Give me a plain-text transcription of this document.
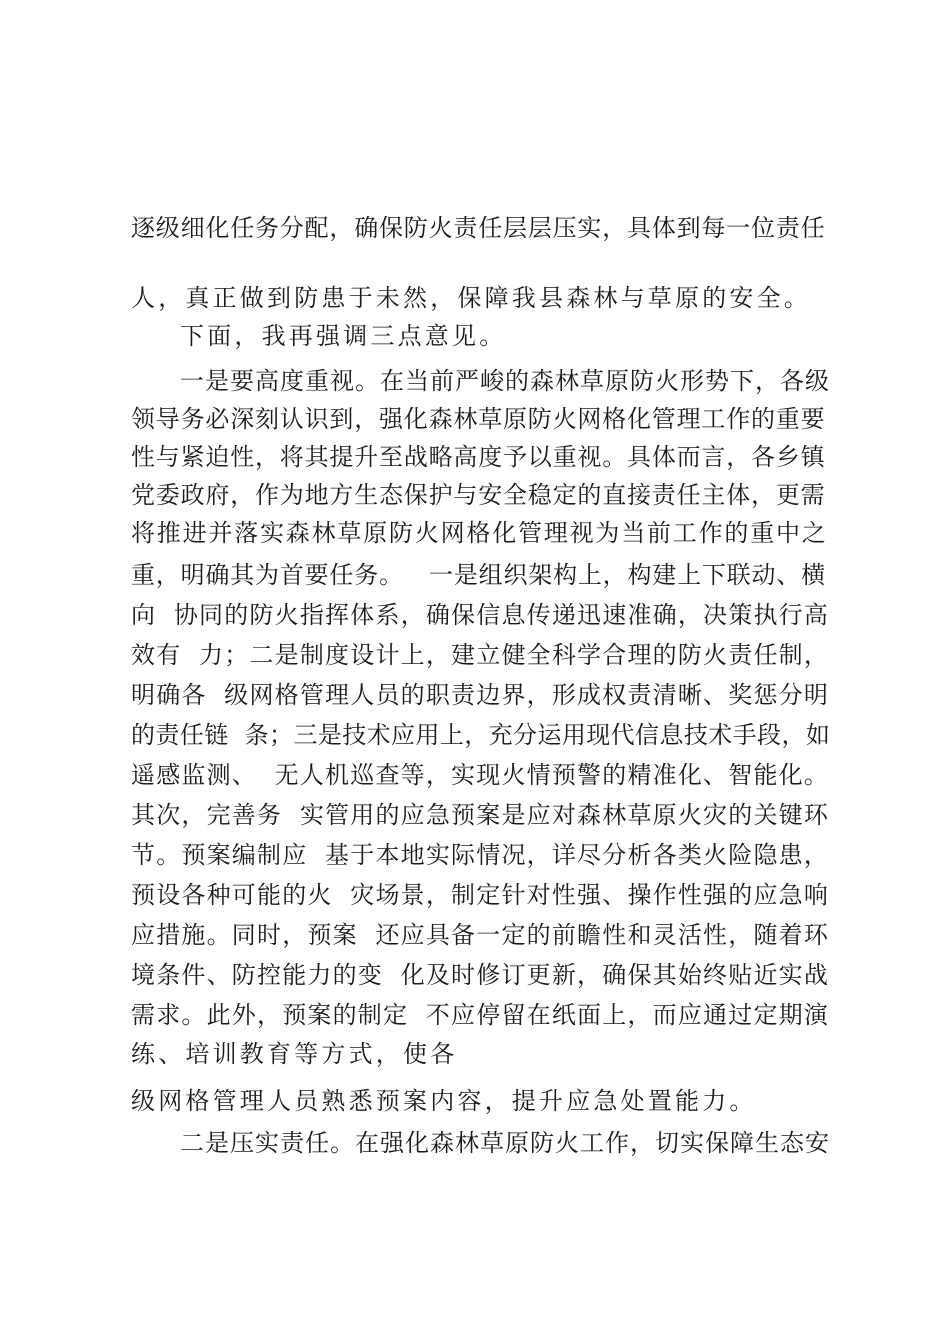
逐级细化任务分配，确保防火责任层层压实，具体到每一位责任
人，真正做到防患于未然，保障我县森林与草原的安全。
下面，我再强调三点意见。
一是要高度重视。在当前严峻的森林草原防火形势下，各级
领导务必深刻认识到，强化森林草原防火网格化管理工作的重要
性与紧迫性，将其提升至战略高度予以重视。具体而言，各乡镇
党委政府，作为地方生态保护与安全稳定的直接责任主体，更需
将推进并落实森林草原防火网格化管理视为当前工作的重中之
重，明确其为首要任务。   一是组织架构上，构建上下联动、横
向  协同的防火指挥体系，确保信息传递迅速准确，决策执行高
效有  力；二是制度设计上，建立健全科学合理的防火责任制，
明确各  级网格管理人员的职责边界，形成权责清晰、奖惩分明
的责任链  条；三是技术应用上，充分运用现代信息技术手段，如
遥感监测、  无人机巡查等，实现火情预警的精准化、智能化。
其次，完善务  实管用的应急预案是应对森林草原火灾的关键环
节。预案编制应  基于本地实际情况，详尽分析各类火险隐患，
预设各种可能的火  灾场景，制定针对性强、操作性强的应急响
应措施。同时，预案  还应具备一定的前瞻性和灵活性，随着环
境条件、防控能力的变  化及时修订更新，确保其始终贴近实战
需求。此外，预案的制定  不应停留在纸面上，而应通过定期演
练、培训教育等方式，使各
级网格管理人员熟悉预案内容，提升应急处置能力。
二是压实责任。在强化森林草原防火工作，切实保障生态安
